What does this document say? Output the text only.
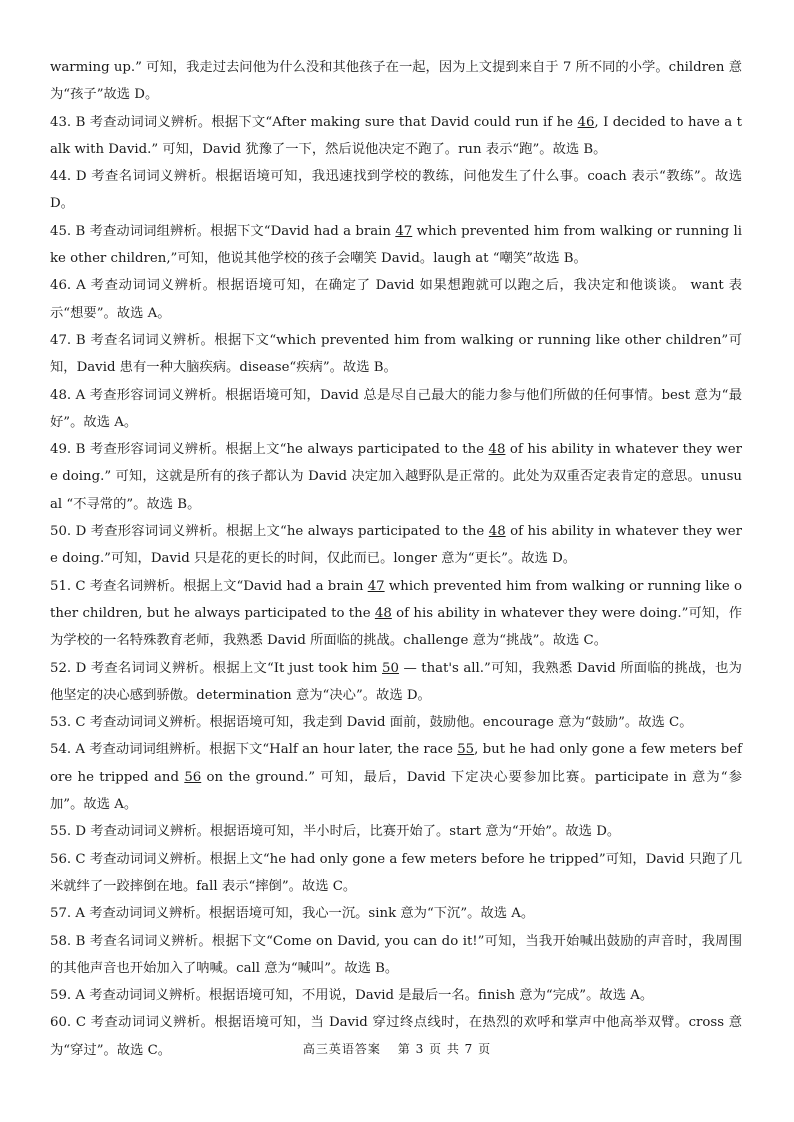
warming up.” 可知，我走过去问他为什么没和其他孩子在一起，因为上文提到来自于 7 所不同的小学。children 意为“孩子”故选 D。

43. B 考查动词词义辨析。根据下文“After making sure that David could run if he 46, I decided to have a talk with David.” 可知，David 犹豫了一下，然后说他决定不跑了。run 表示“跑”。故选 B。

44. D 考查名词词义辨析。根据语境可知，我迅速找到学校的教练，问他发生了什么事。coach 表示“教练”。故选 D。

45. B 考查动词词组辨析。根据下文“David had a brain 47 which prevented him from walking or running like other children,”可知，他说其他学校的孩子会嘲笑 David。laugh at “嘲笑”故选 B。

46. A 考查动词词义辨析。根据语境可知，在确定了 David 如果想跑就可以跑之后，我决定和他谈谈。 want 表示“想要”。故选 A。

47. B 考查名词词义辨析。根据下文“which prevented him from walking or running like other children”可知，David 患有一种大脑疾病。disease“疾病”。故选 B。

48. A 考查形容词词义辨析。根据语境可知，David 总是尽自己最大的能力参与他们所做的任何事情。best 意为“最好”。故选 A。

49. B 考查形容词词义辨析。根据上文“he always participated to the 48 of his ability in whatever they were doing.” 可知，这就是所有的孩子都认为 David 决定加入越野队是正常的。此处为双重否定表肯定的意思。unusual “不寻常的”。故选 B。

50. D 考查形容词词义辨析。根据上文“he always participated to the 48 of his ability in whatever they were doing.”可知，David 只是花的更长的时间，仅此而已。longer 意为“更长”。故选 D。

51. C 考查名词辨析。根据上文“David had a brain 47 which prevented him from walking or running like other children, but he always participated to the 48 of his ability in whatever they were doing.”可知，作为学校的一名特殊教育老师，我熟悉 David 所面临的挑战。challenge 意为“挑战”。故选 C。

52. D 考查名词词义辨析。根据上文“It just took him 50 — that's all.”可知，我熟悉 David 所面临的挑战，也为他坚定的决心感到骄傲。determination 意为“决心”。故选 D。

53. C 考查动词词义辨析。根据语境可知，我走到 David 面前，鼓励他。encourage 意为“鼓励”。故选 C。

54. A 考查动词词组辨析。根据下文“Half an hour later, the race 55, but he had only gone a few meters before he tripped and 56 on the ground.” 可知，最后，David 下定决心要参加比赛。participate in 意为“参加”。故选 A。

55. D 考查动词词义辨析。根据语境可知，半小时后，比赛开始了。start 意为“开始”。故选 D。

56. C 考查动词词义辨析。根据上文“he had only gone a few meters before he tripped”可知，David 只跑了几米就绊了一跤摔倒在地。fall 表示“摔倒”。故选 C。

57. A 考查动词词义辨析。根据语境可知，我心一沉。sink 意为“下沉”。故选 A。

58. B 考查名词词义辨析。根据下文“Come on David, you can do it!”可知，当我开始喊出鼓励的声音时，我周围的其他声音也开始加入了呐喊。call 意为“喊叫”。故选 B。

59. A 考查动词词义辨析。根据语境可知，不用说，David 是最后一名。finish 意为“完成”。故选 A。

60. C 考查动词词义辨析。根据语境可知，当 David 穿过终点线时，在热烈的欢呼和掌声中他高举双臂。cross 意为“穿过”。故选 C。	高三英语答案 第 3 页 共 7 页
